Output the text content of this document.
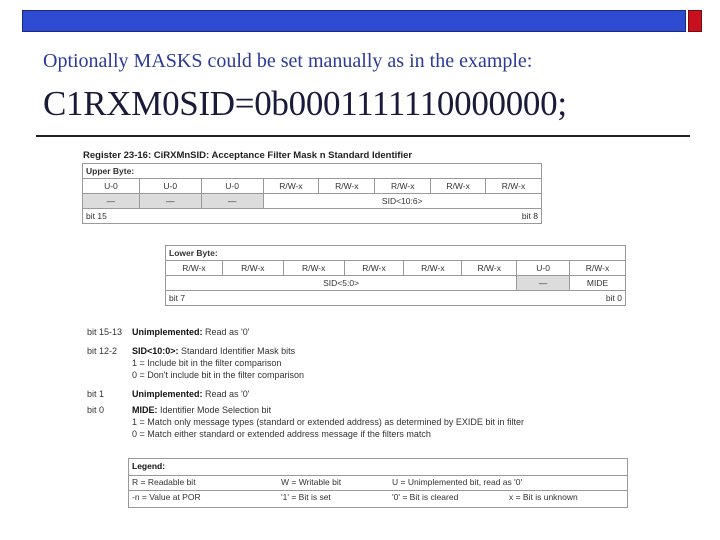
Optionally MASKS could be set manually as in the example:
C1RXM0SID=0b0001111110000000;
Register 23-16: CiRXMnSID: Acceptance Filter Mask n Standard Identifier
Upper Byte:							
U-0	U-0	U-0	R/W-x	R/W-x	R/W-x	R/W-x	R/W-x
—	—	—	SID<10:6>				
bit 15				bit 8			
Lower Byte:							
R/W-x	R/W-x	R/W-x	R/W-x	R/W-x	R/W-x	U-0	R/W-x
SID<5:0>						—	MIDE
bit 7				bit 0			
bit 15-13 Unimplemented: Read as '0'
bit 12-2 SID<10:0>: Standard Identifier Mask bits
1 = Include bit in the filter comparison
0 = Don't include bit in the filter comparison
bit 1	Unimplemented: Read as '0'
bit 0	MIDE: Identifier Mode Selection bit
1 = Match only message types (standard or extended address) as determined by EXIDE bit in filter
0 = Match either standard or extended address message if the filters match
Legend:
R = Readable bit	W = Writable bit	U = Unimplemented bit, read as '0'
-n = Value at POR	'1' = Bit is set	'0' = Bit is cleared	x = Bit is unknown
